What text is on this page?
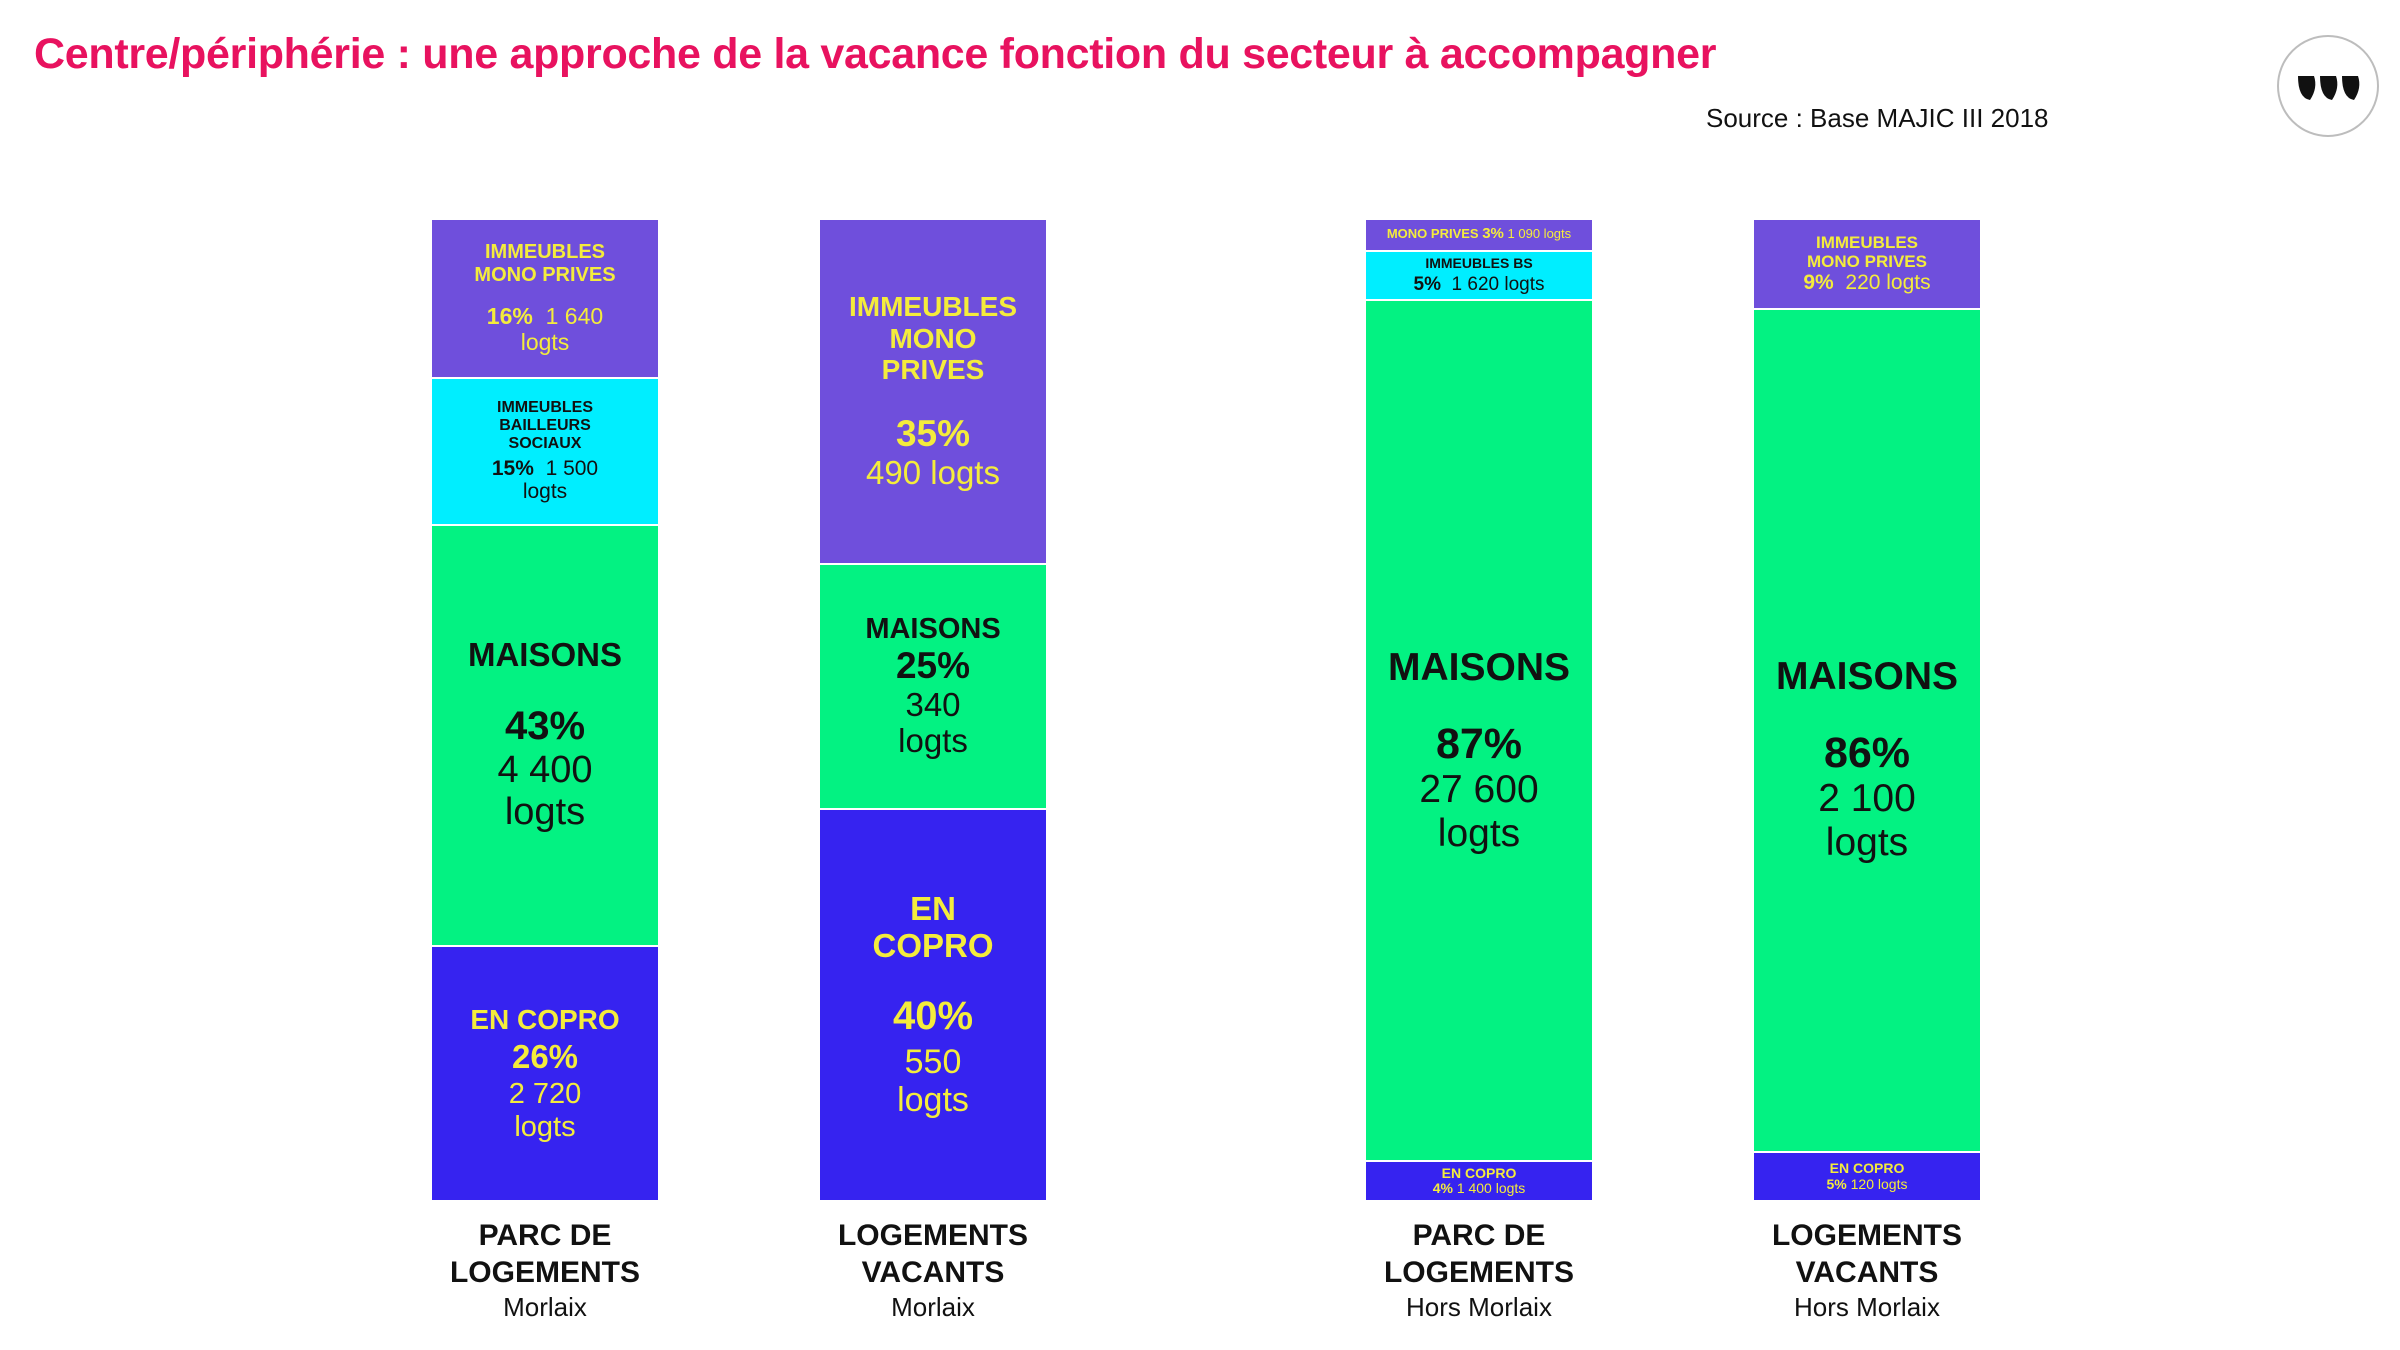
Centre/périphérie : une approche de la vacance fonction du secteur à accompagner
Source : Base MAJIC III 2018
IMMEUBLES
MONO PRIVES
16% 1 640
logts
IMMEUBLES
BAILLEURS
SOCIAUX
15% 1 500
logts
MAISONS
43%
4 400
logts
EN COPRO
26%
2 720
logts
IMMEUBLES
MONO
PRIVES
35%
490 logts
MAISONS
25%
340
logts
EN
COPRO
40%
550
logts
MONO PRIVES 3% 1 090 logts
IMMEUBLES BS
5% 1 620 logts
MAISONS
87%
27 600
logts
EN COPRO
4% 1 400 logts
IMMEUBLES
MONO PRIVES
9% 220 logts
MAISONS
86%
2 100
logts
EN COPRO
5% 120 logts
PARC DE
LOGEMENTS
Morlaix
LOGEMENTS
VACANTS
Morlaix
PARC DE
LOGEMENTS
Hors Morlaix
LOGEMENTS
VACANTS
Hors Morlaix
